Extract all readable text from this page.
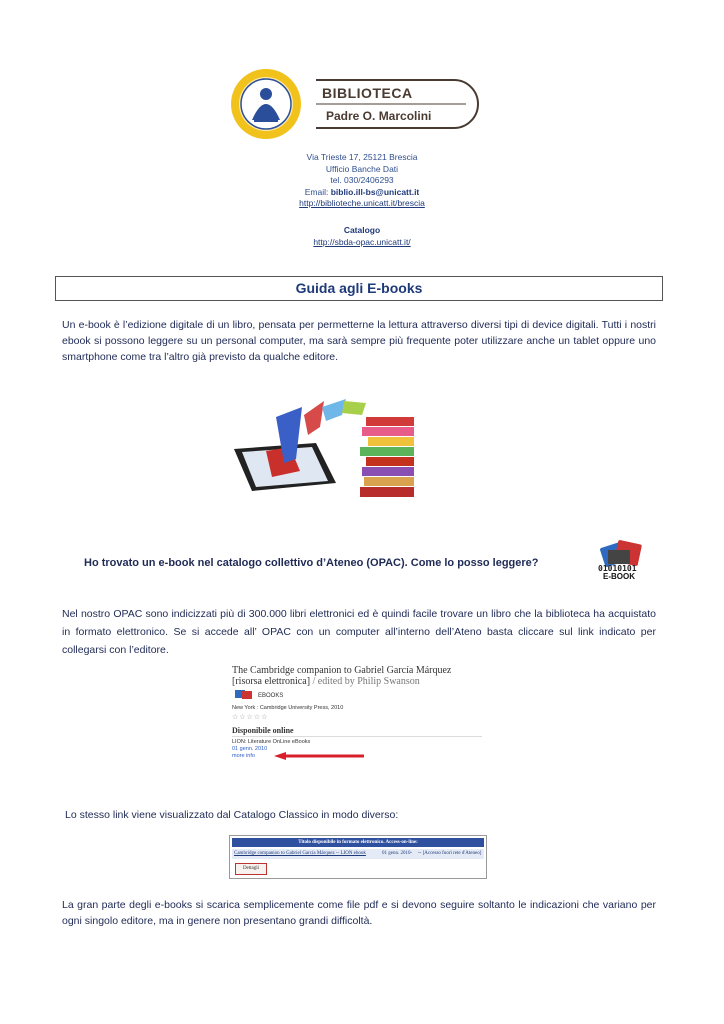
BIBLIOTECA
Padre O. Marcolini
Via Trieste 17, 25121 Brescia
Ufficio Banche Dati
tel. 030/2406293
Email: biblio.ill-bs@unicatt.it
http://biblioteche.unicatt.it/brescia
Catalogo
http://sbda-opac.unicatt.it/
Guida agli E-books
Un e-book è l’edizione digitale di un libro, pensata per permetterne la lettura attraverso diversi tipi di device digitali. Tutti i nostri ebook si possono leggere su un personal computer, ma sarà sempre più frequente poter utilizzare anche un tablet oppure uno smartphone come tra l’altro già previsto da qualche editore.
Ho trovato un e-book nel catalogo collettivo d’Ateneo (OPAC). Come lo posso leggere?	01010101
E-BOOK
Nel nostro OPAC sono indicizzati più di 300.000 libri elettronici ed è quindi facile trovare un libro che la biblioteca ha acquistato in formato elettronico. Se si accede all’ OPAC con un computer all’interno dell’Ateno basta cliccare sul link indicato per collegarsi con l’editore.
The Cambridge companion to Gabriel García Márquez [risorsa elettronica] / edited by Philip Swanson
EBOOKS
New York : Cambridge University Press, 2010
☆☆☆☆☆
Disponibile online
LION: Literature OnLine eBooks
01 genn. 2010
more info
Lo stesso link viene visualizzato dal Catalogo Classico in modo diverso:
Titolo disponibile in formato elettronico. Access-on-line:
Cambridge companion to Gabriel García Márquez -- LION ebook	01 genn. 2010- -- [Accesso fuori rete d'Ateneo]
Dettagli
La gran parte degli e-books si scarica semplicemente come file pdf e si devono seguire soltanto le indicazioni che variano per ogni singolo editore, ma in genere non presentano grandi difficoltà.
